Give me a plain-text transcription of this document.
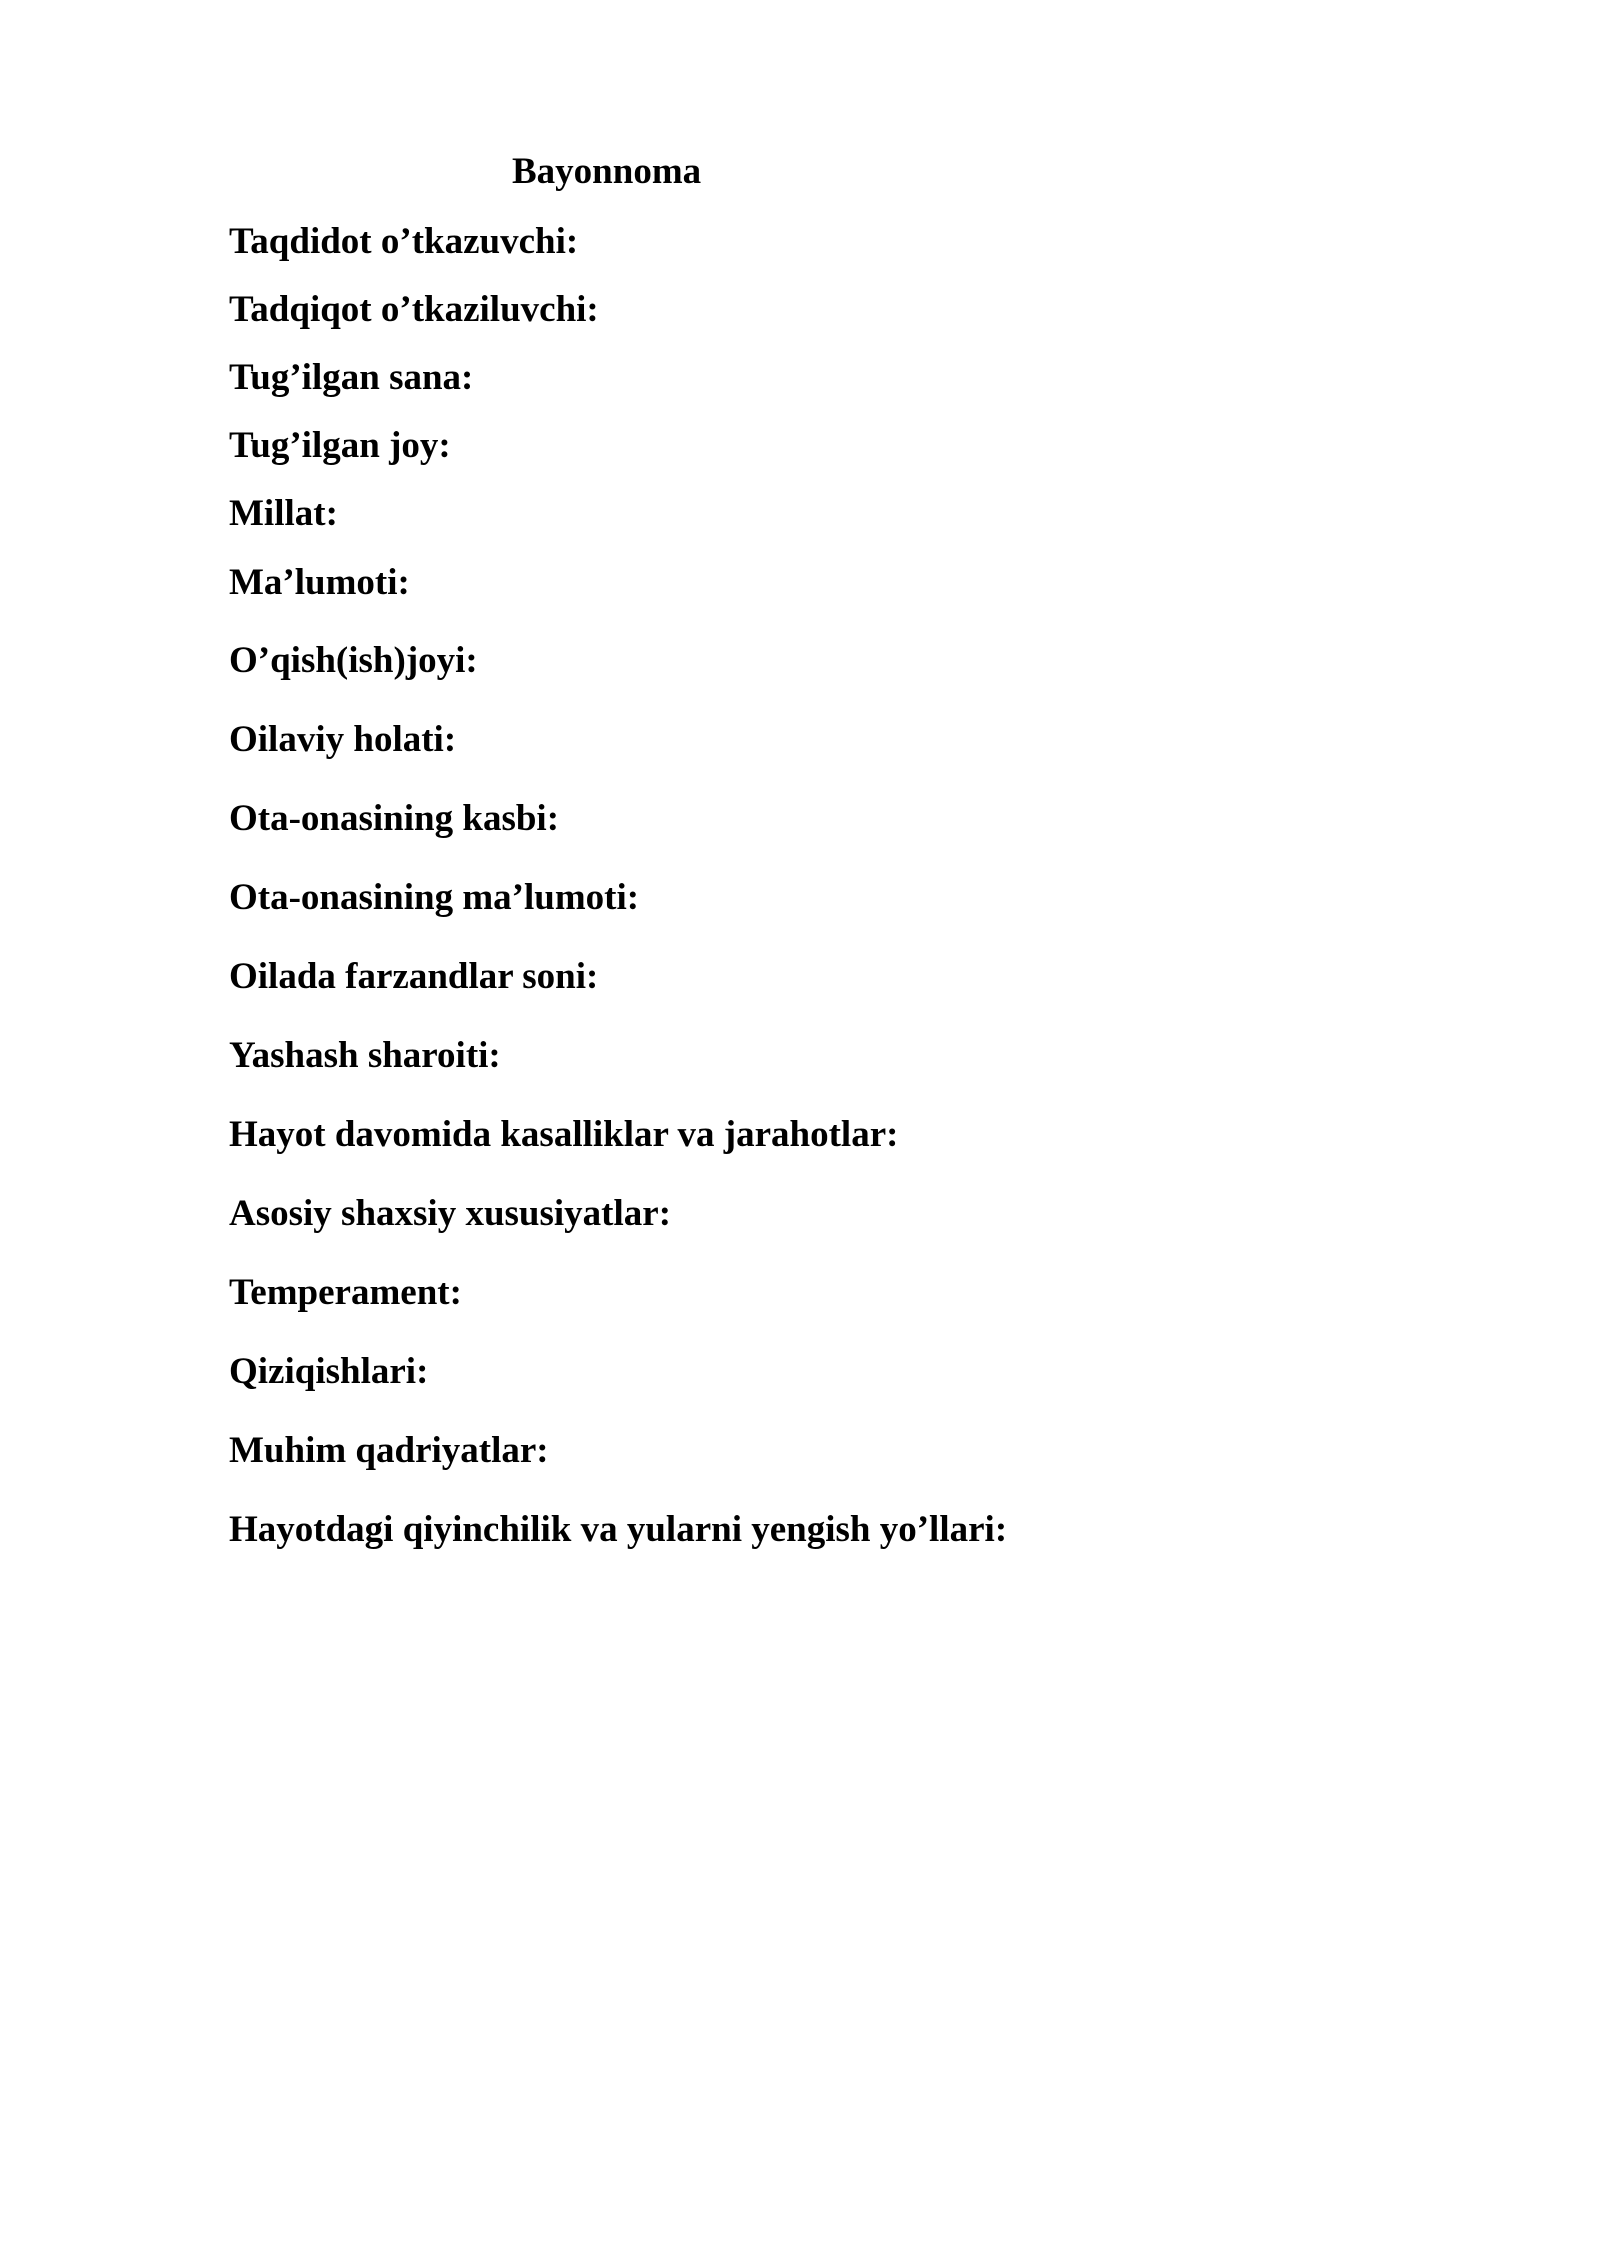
Bayonnoma
Taqdidot o’tkazuvchi:
Tadqiqot o’tkaziluvchi:
Tug’ilgan sana:
Tug’ilgan joy:
Millat:
Ma’lumoti:
O’qish(ish)joyi:
Oilaviy holati:
Ota-onasining kasbi:
Ota-onasining ma’lumoti:
Oilada farzandlar soni:
Yashash sharoiti:
Hayot davomida kasalliklar va jarahotlar:
Asosiy shaxsiy xususiyatlar:
Temperament:
Qiziqishlari:
Muhim qadriyatlar:
Hayotdagi qiyinchilik va yularni yengish yo’llari:
